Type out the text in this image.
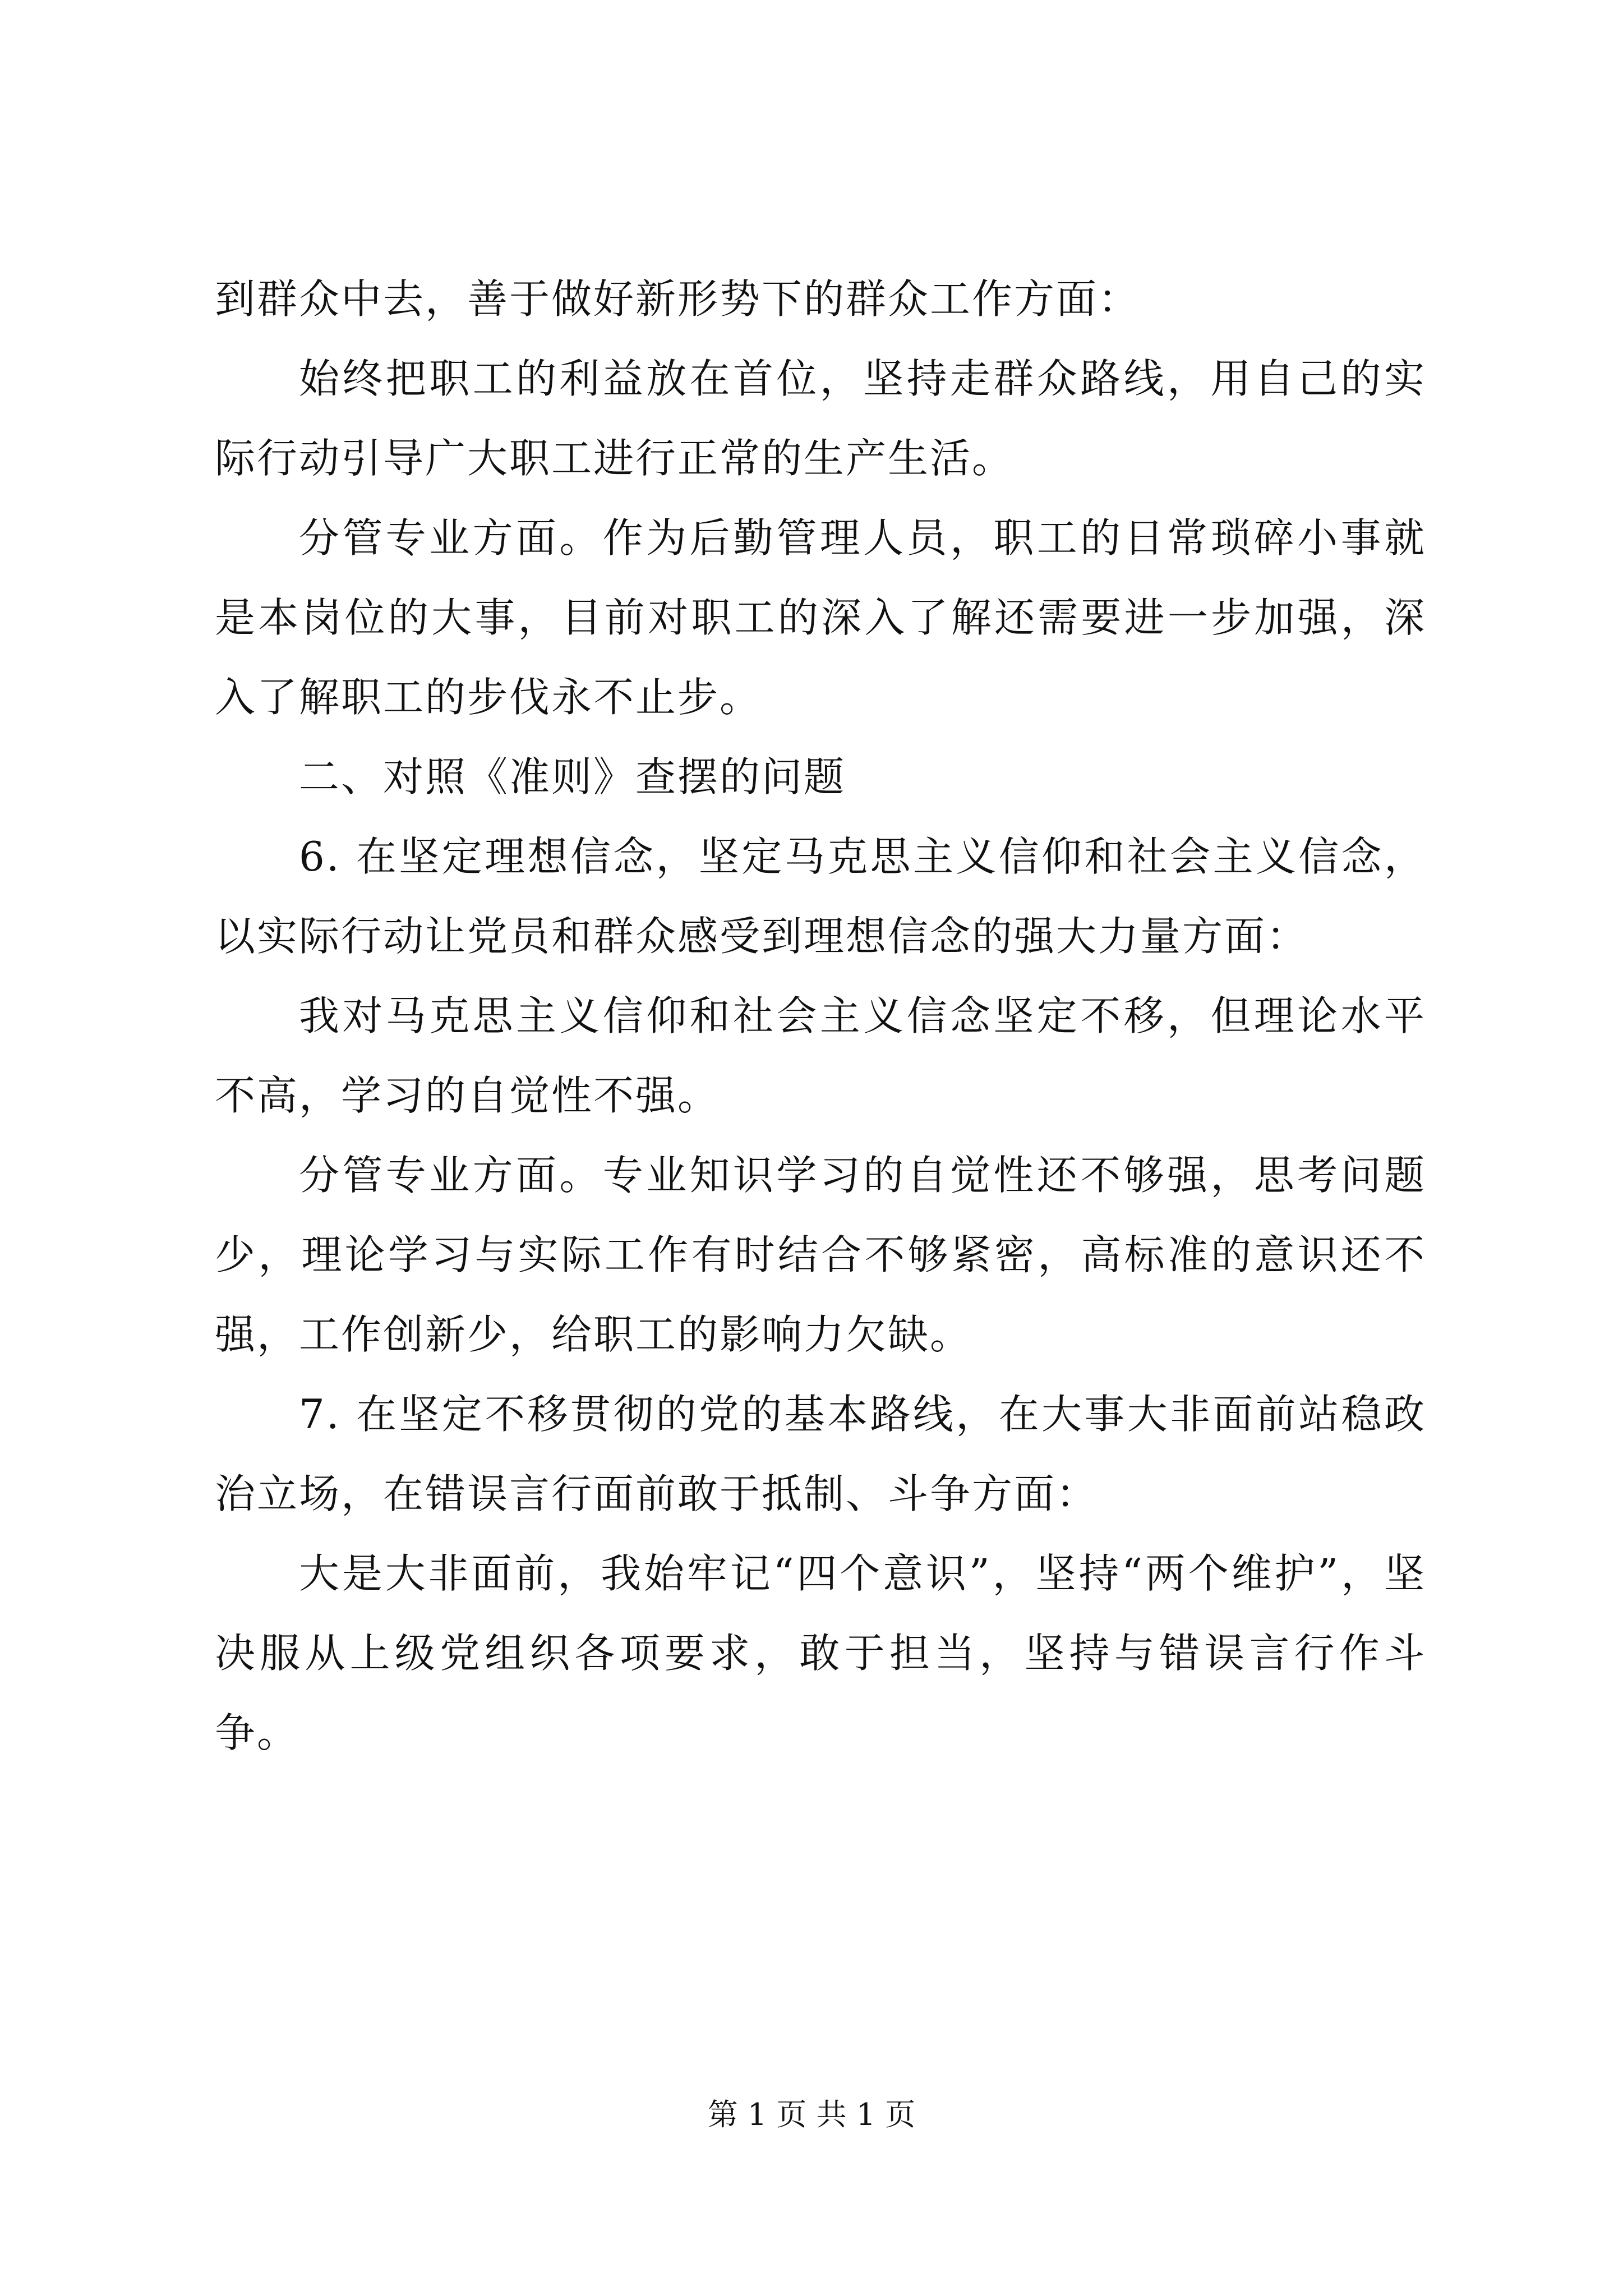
到群众中去，善于做好新形势下的群众工作方面：

始终把职工的利益放在首位，坚持走群众路线，用自己的实际行动引导广大职工进行正常的生产生活。

分管专业方面。作为后勤管理人员，职工的日常琐碎小事就是本岗位的大事，目前对职工的深入了解还需要进一步加强，深入了解职工的步伐永不止步。

二、对照《准则》查摆的问题

6. 在坚定理想信念，坚定马克思主义信仰和社会主义信念，以实际行动让党员和群众感受到理想信念的强大力量方面：

我对马克思主义信仰和社会主义信念坚定不移，但理论水平不高，学习的自觉性不强。

分管专业方面。专业知识学习的自觉性还不够强，思考问题少，理论学习与实际工作有时结合不够紧密，高标准的意识还不强，工作创新少，给职工的影响力欠缺。

7. 在坚定不移贯彻的党的基本路线，在大事大非面前站稳政治立场，在错误言行面前敢于抵制、斗争方面：

大是大非面前，我始牢记“四个意识”，坚持“两个维护”，坚决服从上级党组织各项要求，敢于担当，坚持与错误言行作斗争。

第 1 页 共 1 页
